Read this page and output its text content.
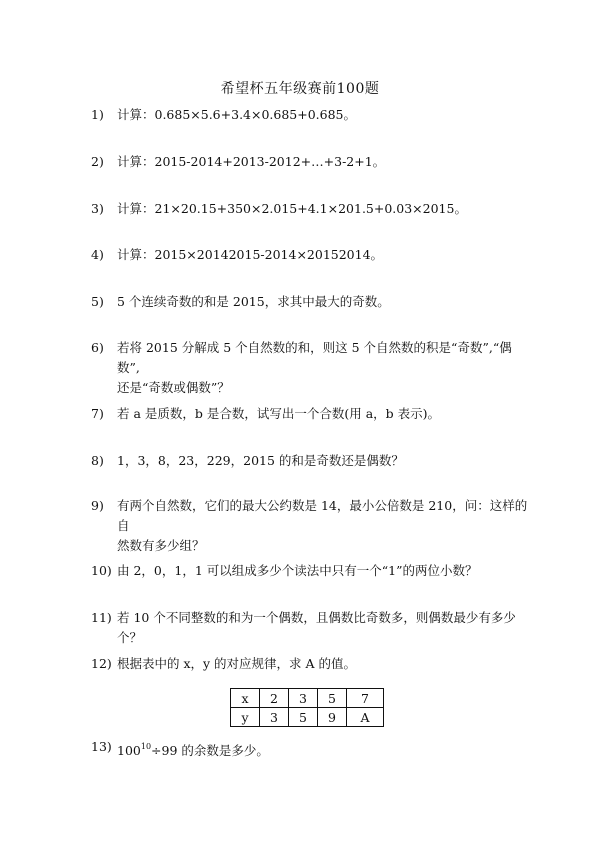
希望杯五年级赛前100题
1)	计算：0.685×5.6+3.4×0.685+0.685。
2)	计算：2015-2014+2013-2012+…+3-2+1。
3)	计算：21×20.15+350×2.015+4.1×201.5+0.03×2015。
4)	计算：2015×20142015-2014×20152014。
5)	5 个连续奇数的和是 2015，求其中最大的奇数。
6)	若将 2015 分解成 5 个自然数的和，则这 5 个自然数的积是“奇数”,“偶数”,
还是“奇数或偶数”？
7)	若 a 是质数，b 是合数，试写出一个合数(用 a，b 表示)。
8)	1，3，8，23，229，2015 的和是奇数还是偶数？
9)	有两个自然数，它们的最大公约数是 14，最小公倍数是 210，问：这样的自
然数有多少组？
10) 由 2，0，1，1 可以组成多少个读法中只有一个“1”的两位小数？
11) 若 10 个不同整数的和为一个偶数，且偶数比奇数多，则偶数最少有多少个？
12) 根据表中的 x，y 的对应规律，求 A 的值。
x	2	3	5	7
y	3	5	9	A
13) $100^{10}\div 99$ 的余数是多少。
